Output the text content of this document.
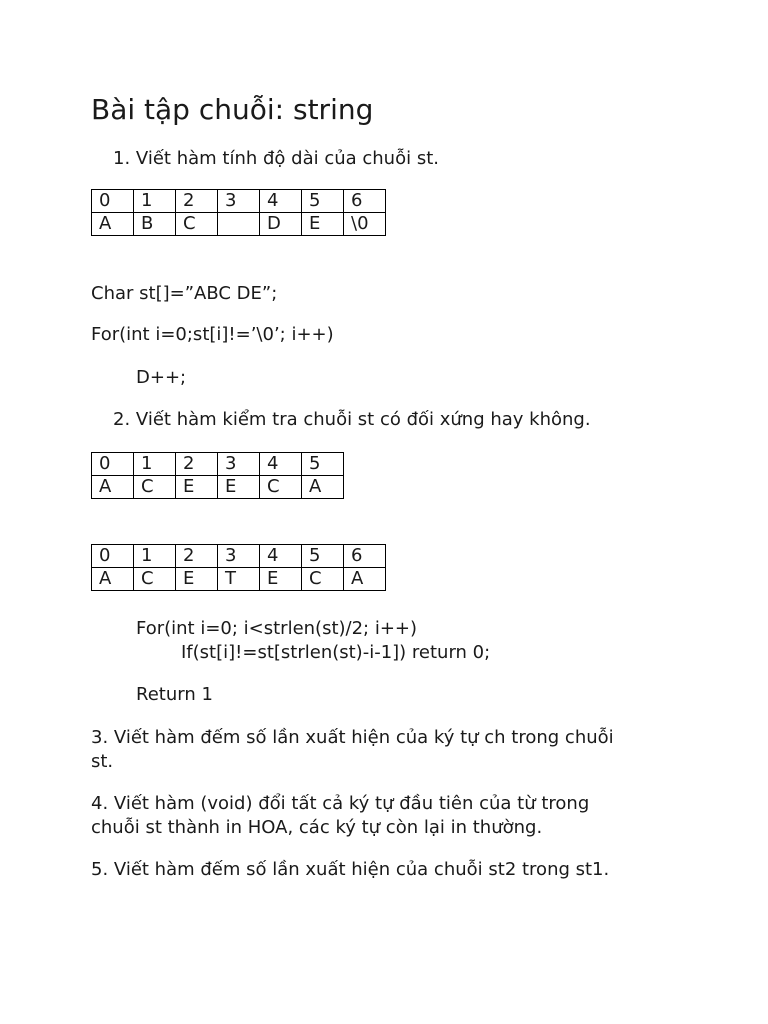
Bài tập chuỗi: string
1. Viết hàm tính độ dài của chuỗi st.
0	1	2	3	4	5	6
A	B	C		D	E	\0
Char st[]=”ABC DE”;
For(int i=0;st[i]!=’\0’; i++)
D++;
2. Viết hàm kiểm tra chuỗi st có đối xứng hay không.
0	1	2	3	4	5
A	C	E	E	C	A
0	1	2	3	4	5	6
A	C	E	T	E	C	A
For(int i=0; i<strlen(st)/2; i++)
If(st[i]!=st[strlen(st)-i-1]) return 0;
Return 1
3. Viết hàm đếm số lần xuất hiện của ký tự ch trong chuỗi
st.
4. Viết hàm (void) đổi tất cả ký tự đầu tiên của từ trong
chuỗi st thành in HOA, các ký tự còn lại in thường.
5. Viết hàm đếm số lần xuất hiện của chuỗi st2 trong st1.
